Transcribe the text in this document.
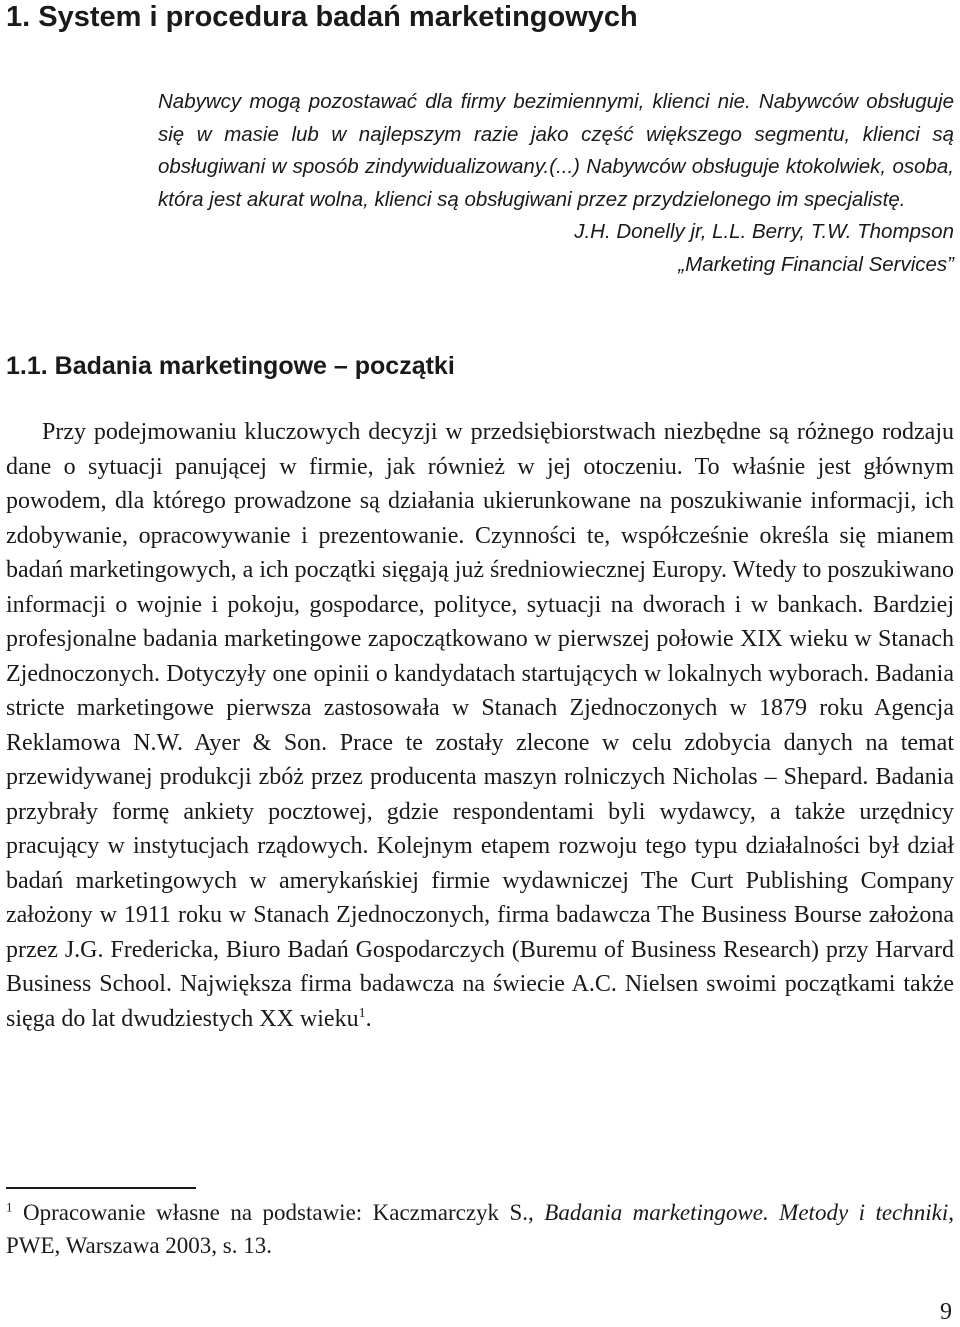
1. System i procedura badań marketingowych

Nabywcy mogą pozostawać dla firmy bezimiennymi, klienci nie. Nabywców obsługuje się w masie lub w najlepszym razie jako część większego segmentu, klienci są obsługiwani w sposób zindywidualizowany.(...) Nabywców obsługuje ktokolwiek, osoba, która jest akurat wolna, klienci są obsługiwani przez przydzielonego im specjalistę.

J.H. Donelly jr, L.L. Berry, T.W. Thompson

„Marketing Financial Services”

1.1. Badania marketingowe – początki

Przy podejmowaniu kluczowych decyzji w przedsiębiorstwach niezbędne są różnego rodzaju dane o sytuacji panującej w firmie, jak również w jej otoczeniu. To właśnie jest głównym powodem, dla którego prowadzone są działania ukierunkowane na poszukiwanie informacji, ich zdobywanie, opracowywanie i prezentowanie. Czynności te, współcześnie określa się mianem badań marketingowych, a ich początki sięgają już średniowiecznej Europy. Wtedy to poszukiwano informacji o wojnie i pokoju, gospodarce, polityce, sytuacji na dworach i w bankach. Bardziej profesjonalne badania marketingowe zapoczątkowano w pierwszej połowie XIX wieku w Stanach Zjednoczonych. Dotyczyły one opinii o kandydatach startujących w lokalnych wyborach. Badania stricte marketingowe pierwsza zastosowała w Stanach Zjednoczonych w 1879 roku Agencja Reklamowa N.W. Ayer & Son. Prace te zostały zlecone w celu zdobycia danych na temat przewidywanej produkcji zbóż przez producenta maszyn rolniczych Nicholas – Shepard. Badania przybrały formę ankiety pocztowej, gdzie respondentami byli wydawcy, a także urzędnicy pracujący w instytucjach rządowych. Kolejnym etapem rozwoju tego typu działalności był dział badań marketingowych w amerykańskiej firmie wydawniczej The Curt Publishing Company założony w 1911 roku w Stanach Zjednoczonych, firma badawcza The Business Bourse założona przez J.G. Fredericka, Biuro Badań Gospodarczych (Buremu of Business Research) przy Harvard Business School. Największa firma badawcza na świecie A.C. Nielsen swoimi początkami także sięga do lat dwudziestych XX wieku$^1$.

$^1$ Opracowanie własne na podstawie: Kaczmarczyk S., Badania marketingowe. Metody i techniki, PWE, Warszawa 2003, s. 13.

9
